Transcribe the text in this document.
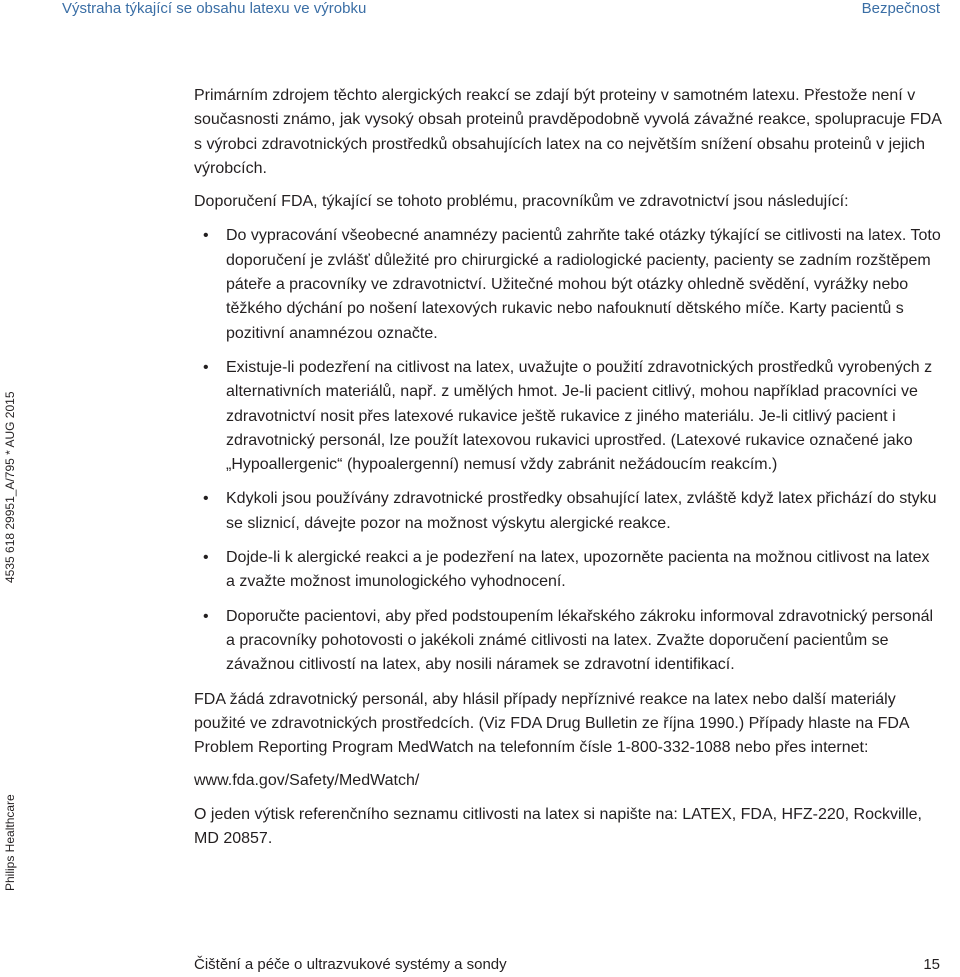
Výstraha týkající se obsahu latexu ve výrobku	Bezpečnost
4535 618 29951_A/795 * AUG 2015
Philips Healthcare

Primárním zdrojem těchto alergických reakcí se zdají být proteiny v samotném latexu. Přestože není v současnosti známo, jak vysoký obsah proteinů pravděpodobně vyvolá závažné reakce, spolupracuje FDA s výrobci zdravotnických prostředků obsahujících latex na co největším snížení obsahu proteinů v jejich výrobcích.

Doporučení FDA, týkající se tohoto problému, pracovníkům ve zdravotnictví jsou následující:

• Do vypracování všeobecné anamnézy pacientů zahrňte také otázky týkající se citlivosti na latex. Toto doporučení je zvlášť důležité pro chirurgické a radiologické pacienty, pacienty se zadním rozštěpem páteře a pracovníky ve zdravotnictví. Užitečné mohou být otázky ohledně svědění, vyrážky nebo těžkého dýchání po nošení latexových rukavic nebo nafouknutí dětského míče. Karty pacientů s pozitivní anamnézou označte.
• Existuje-li podezření na citlivost na latex, uvažujte o použití zdravotnických prostředků vyrobených z alternativních materiálů, např. z umělých hmot. Je-li pacient citlivý, mohou například pracovníci ve zdravotnictví nosit přes latexové rukavice ještě rukavice z jiného materiálu. Je-li citlivý pacient i zdravotnický personál, lze použít latexovou rukavici uprostřed. (Latexové rukavice označené jako „Hypoallergenic“ (hypoalergenní) nemusí vždy zabránit nežádoucím reakcím.)
• Kdykoli jsou používány zdravotnické prostředky obsahující latex, zvláště když latex přichází do styku se sliznicí, dávejte pozor na možnost výskytu alergické reakce.
• Dojde-li k alergické reakci a je podezření na latex, upozorněte pacienta na možnou citlivost na latex a zvažte možnost imunologického vyhodnocení.
• Doporučte pacientovi, aby před podstoupením lékařského zákroku informoval zdravotnický personál a pracovníky pohotovosti o jakékoli známé citlivosti na latex. Zvažte doporučení pacientům se závažnou citlivostí na latex, aby nosili náramek se zdravotní identifikací.

FDA žádá zdravotnický personál, aby hlásil případy nepříznivé reakce na latex nebo další materiály použité ve zdravotnických prostředcích. (Viz FDA Drug Bulletin ze října 1990.) Případy hlaste na FDA Problem Reporting Program MedWatch na telefonním čísle 1-800-332-1088 nebo přes internet:

www.fda.gov/Safety/MedWatch/

O jeden výtisk referenčního seznamu citlivosti na latex si napište na: LATEX, FDA, HFZ-220, Rockville, MD 20857.

Čištění a péče o ultrazvukové systémy a sondy	15
